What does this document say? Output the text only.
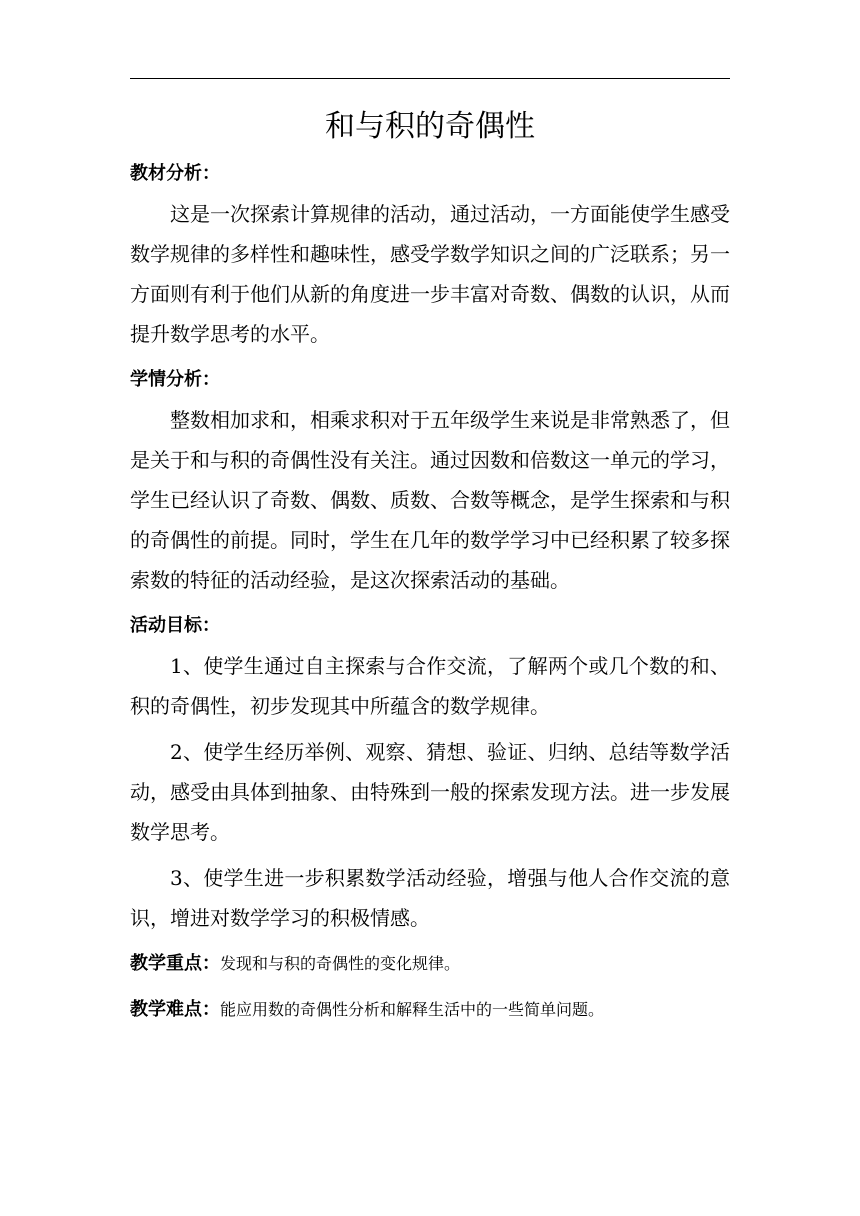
和与积的奇偶性

教材分析：

这是一次探索计算规律的活动，通过活动，一方面能使学生感受数学规律的多样性和趣味性，感受学数学知识之间的广泛联系；另一方面则有利于他们从新的角度进一步丰富对奇数、偶数的认识，从而提升数学思考的水平。

学情分析：

整数相加求和，相乘求积对于五年级学生来说是非常熟悉了，但是关于和与积的奇偶性没有关注。通过因数和倍数这一单元的学习，学生已经认识了奇数、偶数、质数、合数等概念，是学生探索和与积的奇偶性的前提。同时，学生在几年的数学学习中已经积累了较多探索数的特征的活动经验，是这次探索活动的基础。

活动目标：

1、使学生通过自主探索与合作交流，了解两个或几个数的和、积的奇偶性，初步发现其中所蕴含的数学规律。

2、使学生经历举例、观察、猜想、验证、归纳、总结等数学活动，感受由具体到抽象、由特殊到一般的探索发现方法。进一步发展数学思考。

3、使学生进一步积累数学活动经验，增强与他人合作交流的意识，增进对数学学习的积极情感。

教学重点：发现和与积的奇偶性的变化规律。

教学难点：能应用数的奇偶性分析和解释生活中的一些简单问题。
